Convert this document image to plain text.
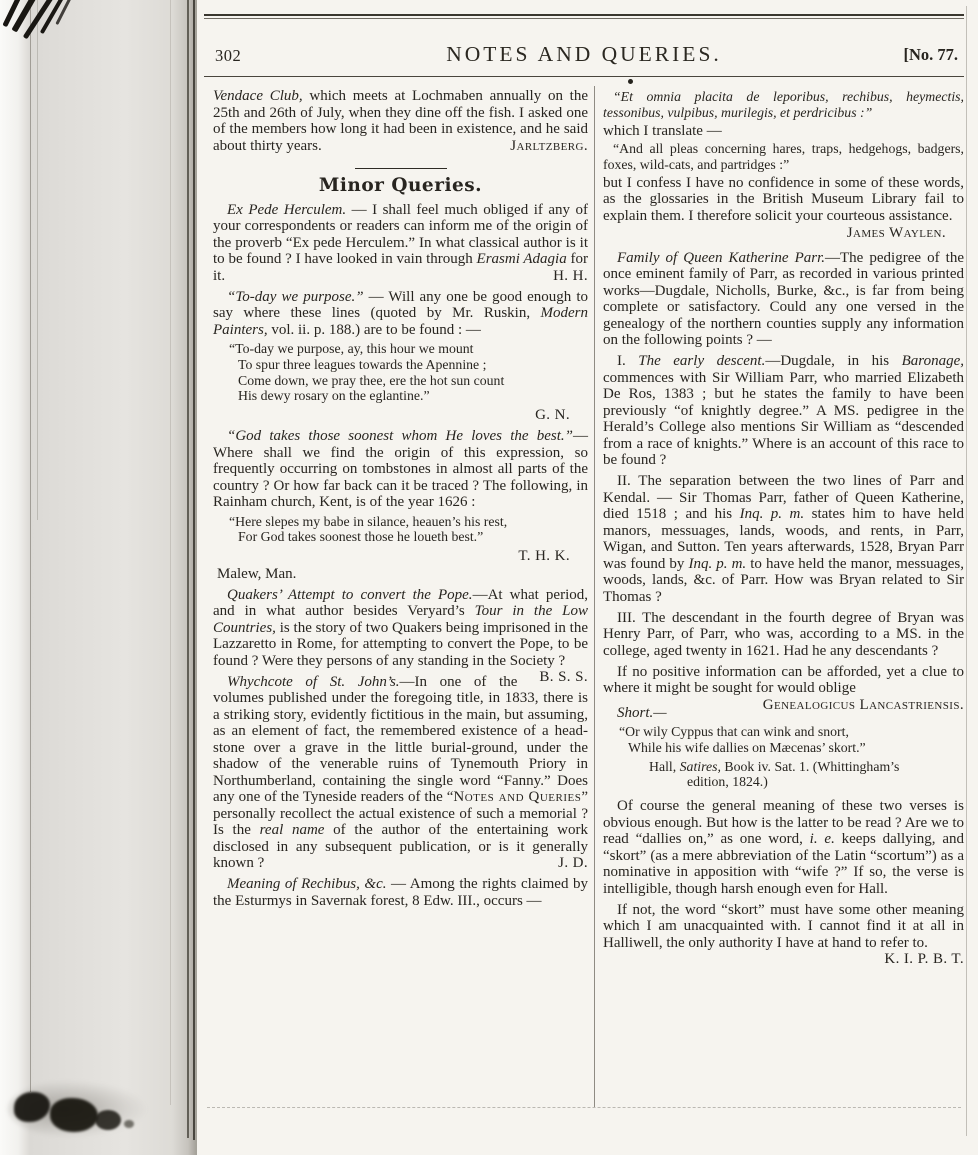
302	NOTES AND QUERIES.	[No. 77.

Vendace Club, which meets at Lochmaben annually on the 25th and 26th of July, when they dine off the fish. I asked one of the members how long it had been in existence, and he said about thirty years.	Jarltzberg.

Minor Queries.

Ex Pede Herculem. — I shall feel much obliged if any of your correspondents or readers can inform me of the origin of the proverb “Ex pede Herculem.” In what classical author is it to be found ? I have looked in vain through Erasmi Adagia for it.	H. H.

“To-day we purpose.” — Will any one be good enough to say where these lines (quoted by Mr. Ruskin, Modern Painters, vol. ii. p. 188.) are to be found : —

“To-day we purpose, ay, this hour we mount
To spur three leagues towards the Apennine ;
Come down, we pray thee, ere the hot sun count
His dewy rosary on the eglantine.”
G. N.

“God takes those soonest whom He loves the best.”—Where shall we find the origin of this expression, so frequently occurring on tombstones in almost all parts of the country ? Or how far back can it be traced ? The following, in Rainham church, Kent, is of the year 1626 :

“Here slepes my babe in silance, heauen’s his rest,
For God takes soonest those he loueth best.”
T. H. K.

Malew, Man.

Quakers’ Attempt to convert the Pope.—At what period, and in what author besides Veryard’s Tour in the Low Countries, is the story of two Quakers being imprisoned in the Lazzaretto in Rome, for attempting to convert the Pope, to be found ? Were they persons of any standing in the Society ?
B. S. S.

Whychcote of St. John’s.—In one of the volumes published under the foregoing title, in 1833, there is a striking story, evidently fictitious in the main, but assuming, as an element of fact, the remembered existence of a head-stone over a grave in the little burial-ground, under the shadow of the venerable ruins of Tynemouth Priory in Northumberland, containing the single word “Fanny.” Does any one of the Tyneside readers of the “Notes and Queries” personally recollect the actual existence of such a memorial ? Is the real name of the author of the entertaining work disclosed in any subsequent publication, or is it generally known ?	J. D.

Meaning of Rechibus, &c. — Among the rights claimed by the Esturmys in Savernak forest, 8 Edw. III., occurs —

“Et omnia placita de leporibus, rechibus, heymectis, tessonibus, vulpibus, murilegis, et perdricibus :”

which I translate —

“And all pleas concerning hares, traps, hedgehogs, badgers, foxes, wild-cats, and partridges :”

but I confess I have no confidence in some of these words, as the glossaries in the British Museum Library fail to explain them. I therefore solicit your courteous assistance.

James Waylen.

Family of Queen Katherine Parr.—The pedigree of the once eminent family of Parr, as recorded in various printed works—Dugdale, Nicholls, Burke, &c., is far from being complete or satisfactory. Could any one versed in the genealogy of the northern counties supply any information on the following points ? —

I. The early descent.—Dugdale, in his Baronage, commences with Sir William Parr, who married Elizabeth De Ros, 1383 ; but he states the family to have been previously “of knightly degree.” A MS. pedigree in the Herald’s College also mentions Sir William as “descended from a race of knights.” Where is an account of this race to be found ?

II. The separation between the two lines of Parr and Kendal. — Sir Thomas Parr, father of Queen Katherine, died 1518 ; and his Inq. p. m. states him to have held manors, messuages, lands, woods, and rents, in Parr, Wigan, and Sutton. Ten years afterwards, 1528, Bryan Parr was found by Inq. p. m. to have held the manor, messuages, woods, lands, &c. of Parr. How was Bryan related to Sir Thomas ?

III. The descendant in the fourth degree of Bryan was Henry Parr, of Parr, who was, according to a MS. in the college, aged twenty in 1621. Had he any descendants ?

If no positive information can be afforded, yet a clue to where it might be sought for would oblige
Genealogicus Lancastriensis.

Short.—

“Or wily Cyppus that can wink and snort,
While his wife dallies on Mæcenas’ skort.”
Hall, Satires, Book iv. Sat. 1. (Whittingham’s
edition, 1824.)

Of course the general meaning of these two verses is obvious enough. But how is the latter to be read ? Are we to read “dallies on,” as one word, i. e. keeps dallying, and “skort” (as a mere abbreviation of the Latin “scortum”) as a nominative in apposition with “wife ?” If so, the verse is intelligible, though harsh enough even for Hall.

If not, the word “skort” must have some other meaning which I am unacquainted with. I cannot find it at all in Halliwell, the only authority I have at hand to refer to.
K. I. P. B. T.
